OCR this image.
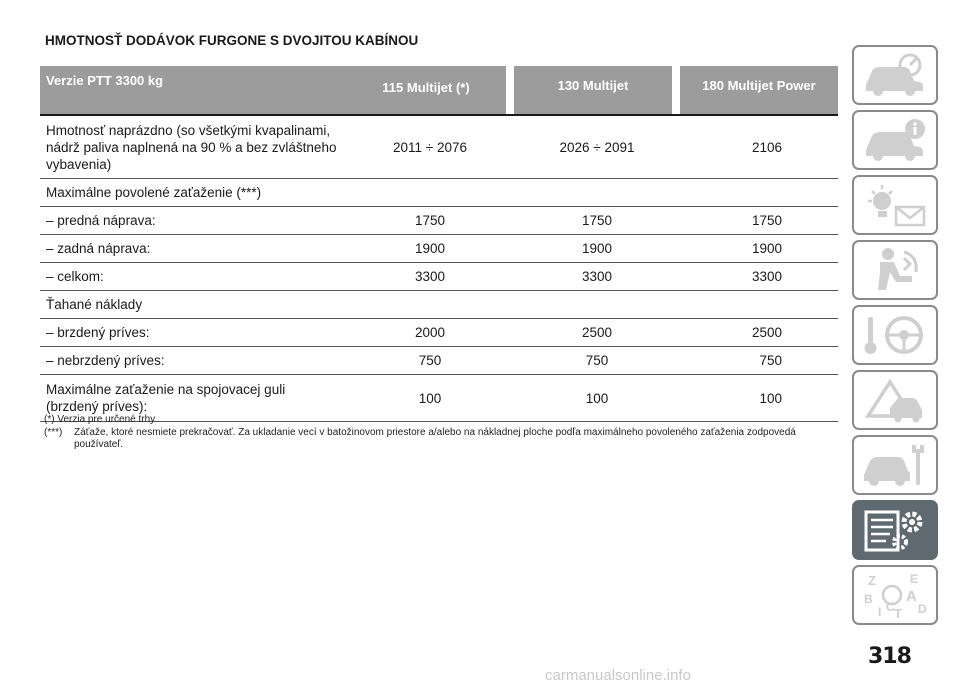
HMOTNOSŤ DODÁVOK FURGONE S DVOJITOU KABÍNOU
Verzie PTT 3300 kg	115 Multijet (*)		130 Multijet		180 Multijet Power
Hmotnosť naprázdno (so všetkými kvapalinami, nádrž paliva naplnená na 90 % a bez zvláštneho vybavenia)	2011 ÷ 2076		2026 ÷ 2091		2106
Maximálne povolené zaťaženie (***)					
– predná náprava:	1750		1750		1750
– zadná náprava:	1900		1900		1900
– celkom:	3300		3300		3300
Ťahané náklady					
– brzdený príves:	2000		2500		2500
– nebrzdený príves:	750		750		750
Maximálne zaťaženie na spojovacej guli (brzdený príves):	100		100		100
(*) Verzia pre určené trhy
(***) Záťaže, ktoré nesmiete prekračovať. Za ukladanie vecí v batožinovom priestore a/alebo na nákladnej ploche podľa maximálneho povoleného zaťaženia zodpovedá používateľ.
Z	E
B A
D
C T
I
318
carmanualsonline.info
